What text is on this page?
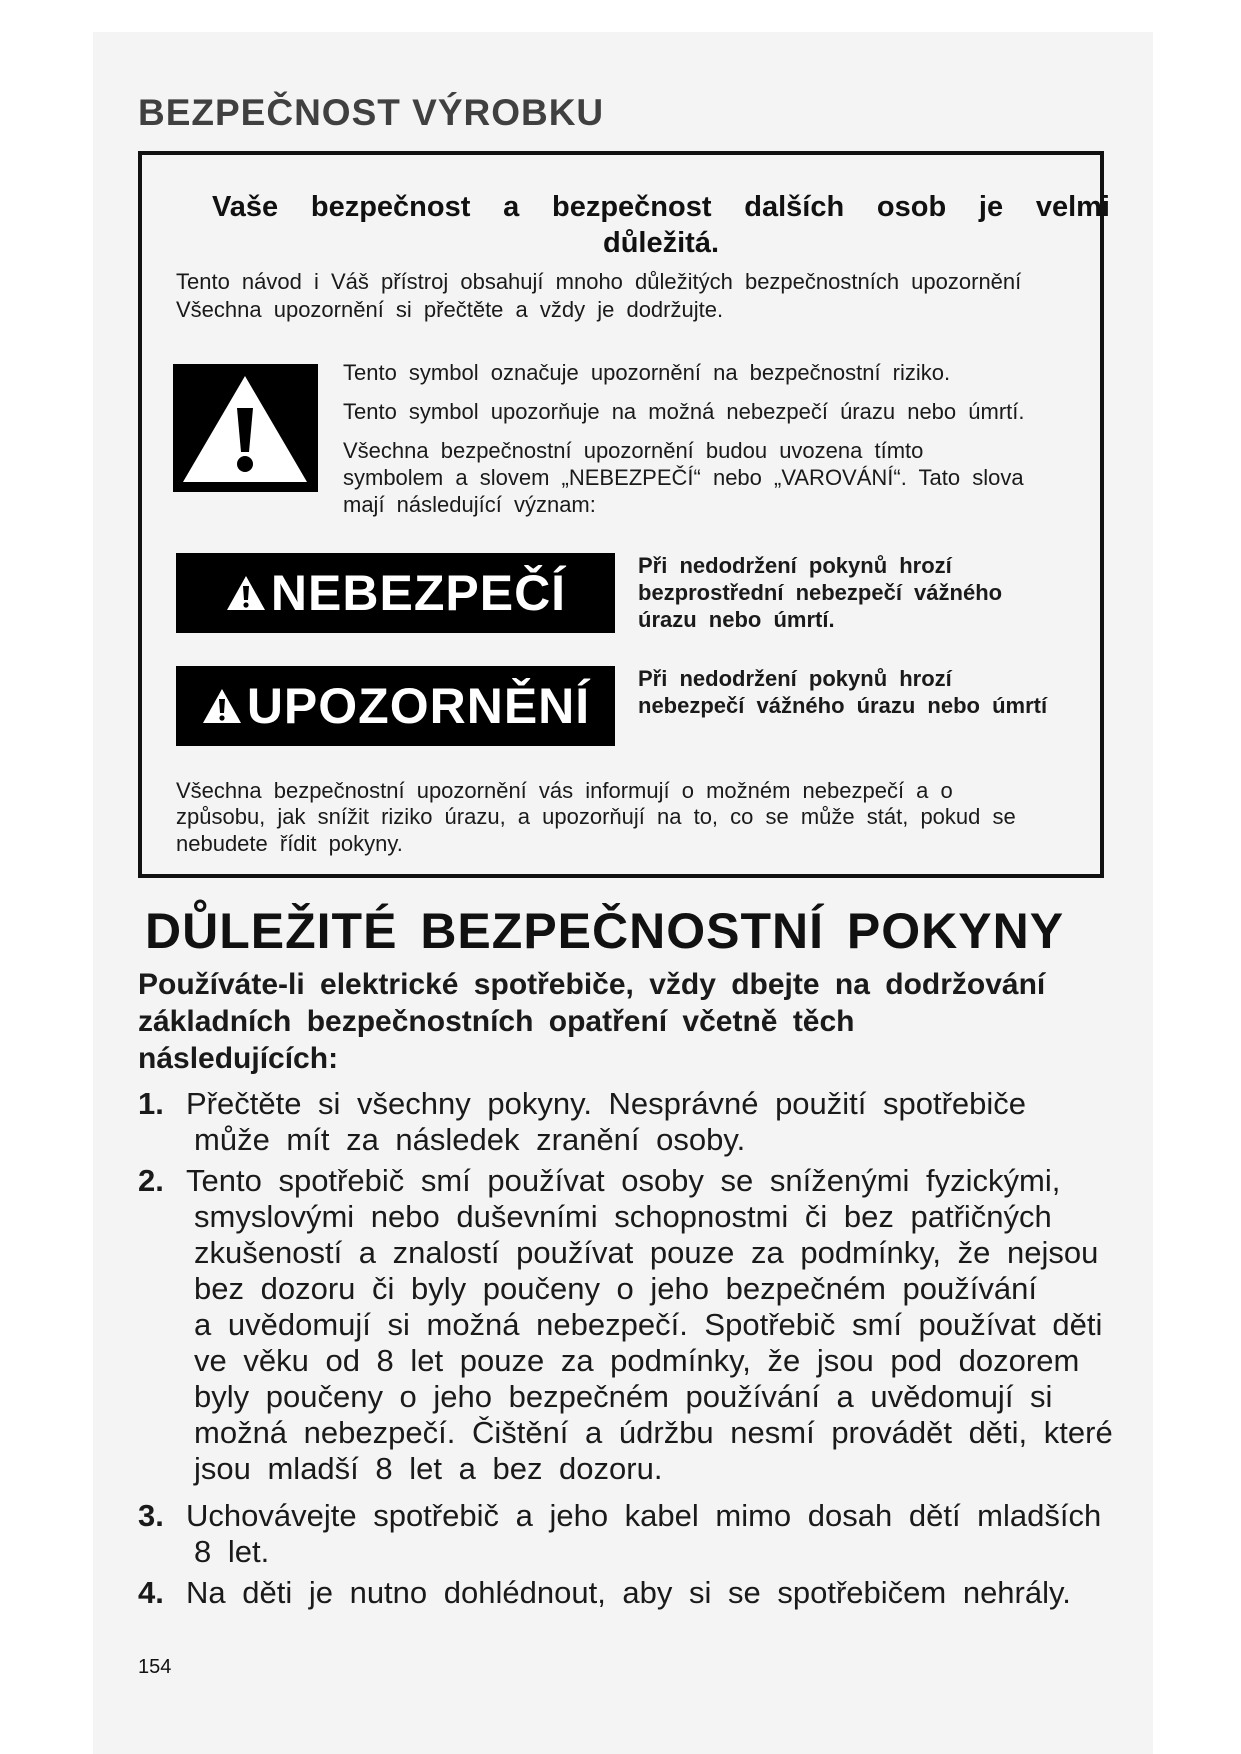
BEZPEČNOST VÝROBKU
Vaše bezpečnost a bezpečnost dalších osob je velmi
důležitá.

Tento návod i Váš přístroj obsahují mnoho důležitých bezpečnostních upozornění

Všechna upozornění si přečtěte a vždy je dodržujte.

Tento symbol označuje upozornění na bezpečnostní riziko.

Tento symbol upozorňuje na možná nebezpečí úrazu nebo úmrtí.

Všechna bezpečnostní upozornění budou uvozena tímto

symbolem a slovem „NEBEZPEČÍ“ nebo „VAROVÁNÍ“. Tato slova

mají následující význam:

NEBEZPEČÍ	Při nedodržení pokynů hrozí
bezprostřední nebezpečí vážného
úrazu nebo úmrtí.
UPOZORNĚNÍ Při nedodržení pokynů hrozí
nebezpečí vážného úrazu nebo úmrtí

Všechna bezpečnostní upozornění vás informují o možném nebezpečí a o

způsobu, jak snížit riziko úrazu, a upozorňují na to, co se může stát, pokud se

nebudete řídit pokyny.

DŮLEŽITÉ BEZPEČNOSTNÍ POKYNY
Používáte-li elektrické spotřebiče, vždy dbejte na dodržování
základních bezpečnostních opatření včetně těch
následujících:
1. Přečtěte si všechny pokyny. Nesprávné použití spotřebiče
může mít za následek zranění osoby.
2. Tento spotřebič smí používat osoby se sníženými fyzickými,
smyslovými nebo duševními schopnostmi či bez patřičných
zkušeností a znalostí používat pouze za podmínky, že nejsou
bez dozoru či byly poučeny o jeho bezpečném používání
a uvědomují si možná nebezpečí. Spotřebič smí používat děti
ve věku od 8 let pouze za podmínky, že jsou pod dozorem
byly poučeny o jeho bezpečném používání a uvědomují si
možná nebezpečí. Čištění a údržbu nesmí provádět děti, které
jsou mladší 8 let a bez dozoru.
3. Uchovávejte spotřebič a jeho kabel mimo dosah dětí mladších
8 let.
4. Na děti je nutno dohlédnout, aby si se spotřebičem nehrály.
154
